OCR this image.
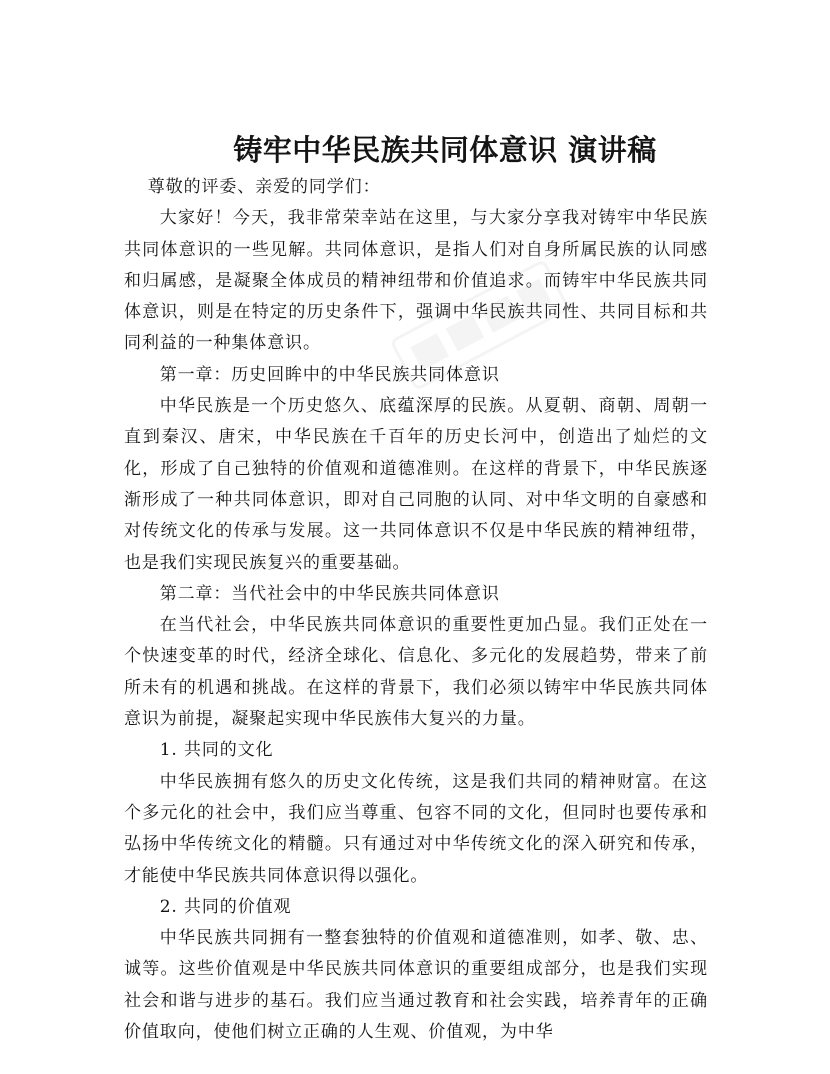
铸牢中华民族共同体意识 演讲稿

尊敬的评委、亲爱的同学们：

大家好！今天，我非常荣幸站在这里，与大家分享我对铸牢中华民族共同体意识的一些见解。共同体意识，是指人们对自身所属民族的认同感和归属感，是凝聚全体成员的精神纽带和价值追求。而铸牢中华民族共同体意识，则是在特定的历史条件下，强调中华民族共同性、共同目标和共同利益的一种集体意识。

第一章：历史回眸中的中华民族共同体意识

中华民族是一个历史悠久、底蕴深厚的民族。从夏朝、商朝、周朝一直到秦汉、唐宋，中华民族在千百年的历史长河中，创造出了灿烂的文化，形成了自己独特的价值观和道德准则。在这样的背景下，中华民族逐渐形成了一种共同体意识，即对自己同胞的认同、对中华文明的自豪感和对传统文化的传承与发展。这一共同体意识不仅是中华民族的精神纽带，也是我们实现民族复兴的重要基础。

第二章：当代社会中的中华民族共同体意识

在当代社会，中华民族共同体意识的重要性更加凸显。我们正处在一个快速变革的时代，经济全球化、信息化、多元化的发展趋势，带来了前所未有的机遇和挑战。在这样的背景下，我们必须以铸牢中华民族共同体意识为前提，凝聚起实现中华民族伟大复兴的力量。

1. 共同的文化

中华民族拥有悠久的历史文化传统，这是我们共同的精神财富。在这个多元化的社会中，我们应当尊重、包容不同的文化，但同时也要传承和弘扬中华传统文化的精髓。只有通过对中华传统文化的深入研究和传承，才能使中华民族共同体意识得以强化。

2. 共同的价值观

中华民族共同拥有一整套独特的价值观和道德准则，如孝、敬、忠、诚等。这些价值观是中华民族共同体意识的重要组成部分，也是我们实现社会和谐与进步的基石。我们应当通过教育和社会实践，培养青年的正确价值取向，使他们树立正确的人生观、价值观，为中华
